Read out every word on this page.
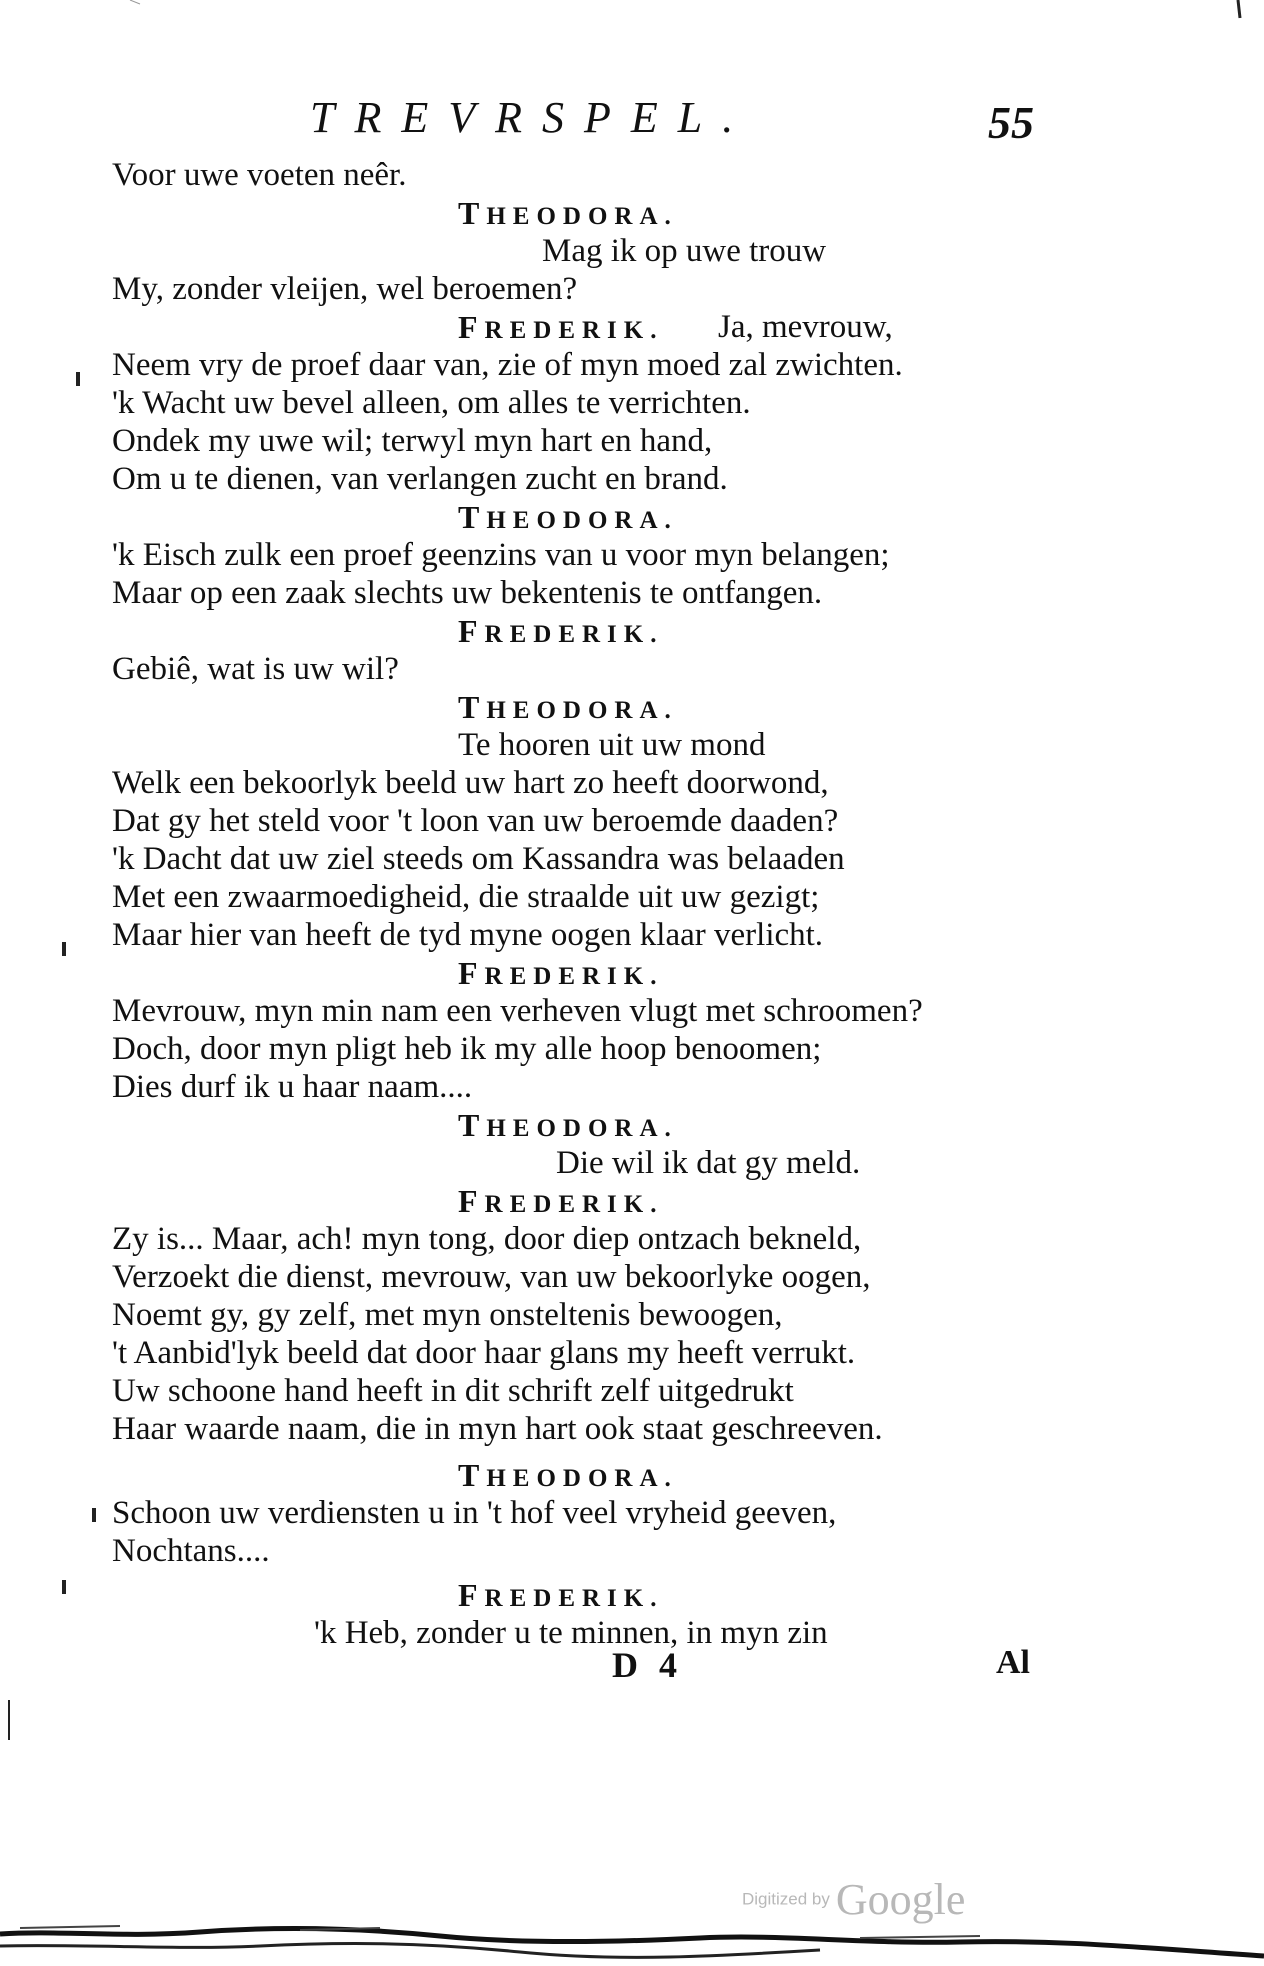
TREVRSPEL.	55
Voor uwe voeten neêr.
THEODORA.
Mag ik op uwe trouw
My, zonder vleijen, wel beroemen?
FREDERIK. Ja, mevrouw,
Neem vry de proef daar van, zie of myn moed zal zwichten.
'k Wacht uw bevel alleen, om alles te verrichten.
Ondek my uwe wil; terwyl myn hart en hand,
Om u te dienen, van verlangen zucht en brand.
THEODORA.
'k Eisch zulk een proef geenzins van u voor myn belangen;
Maar op een zaak slechts uw bekentenis te ontfangen.
FREDERIK.
Gebiê, wat is uw wil?
THEODORA.
Te hooren uit uw mond
Welk een bekoorlyk beeld uw hart zo heeft doorwond,
Dat gy het steld voor 't loon van uw beroemde daaden?
'k Dacht dat uw ziel steeds om Kassandra was belaaden
Met een zwaarmoedigheid, die straalde uit uw gezigt;
Maar hier van heeft de tyd myne oogen klaar verlicht.
FREDERIK.
Mevrouw, myn min nam een verheven vlugt met schroomen?
Doch, door myn pligt heb ik my alle hoop benoomen;
Dies durf ik u haar naam....
THEODORA.
Die wil ik dat gy meld.
FREDERIK.
Zy is... Maar, ach! myn tong, door diep ontzach bekneld,
Verzoekt die dienst, mevrouw, van uw bekoorlyke oogen,
Noemt gy, gy zelf, met myn onsteltenis bewoogen,
't Aanbid'lyk beeld dat door haar glans my heeft verrukt.
Uw schoone hand heeft in dit schrift zelf uitgedrukt
Haar waarde naam, die in myn hart ook staat geschreeven.
THEODORA.
Schoon uw verdiensten u in 't hof veel vryheid geeven,
Nochtans....
FREDERIK.
'k Heb, zonder u te minnen, in myn zin
D 4	Al
Digitized by Google
